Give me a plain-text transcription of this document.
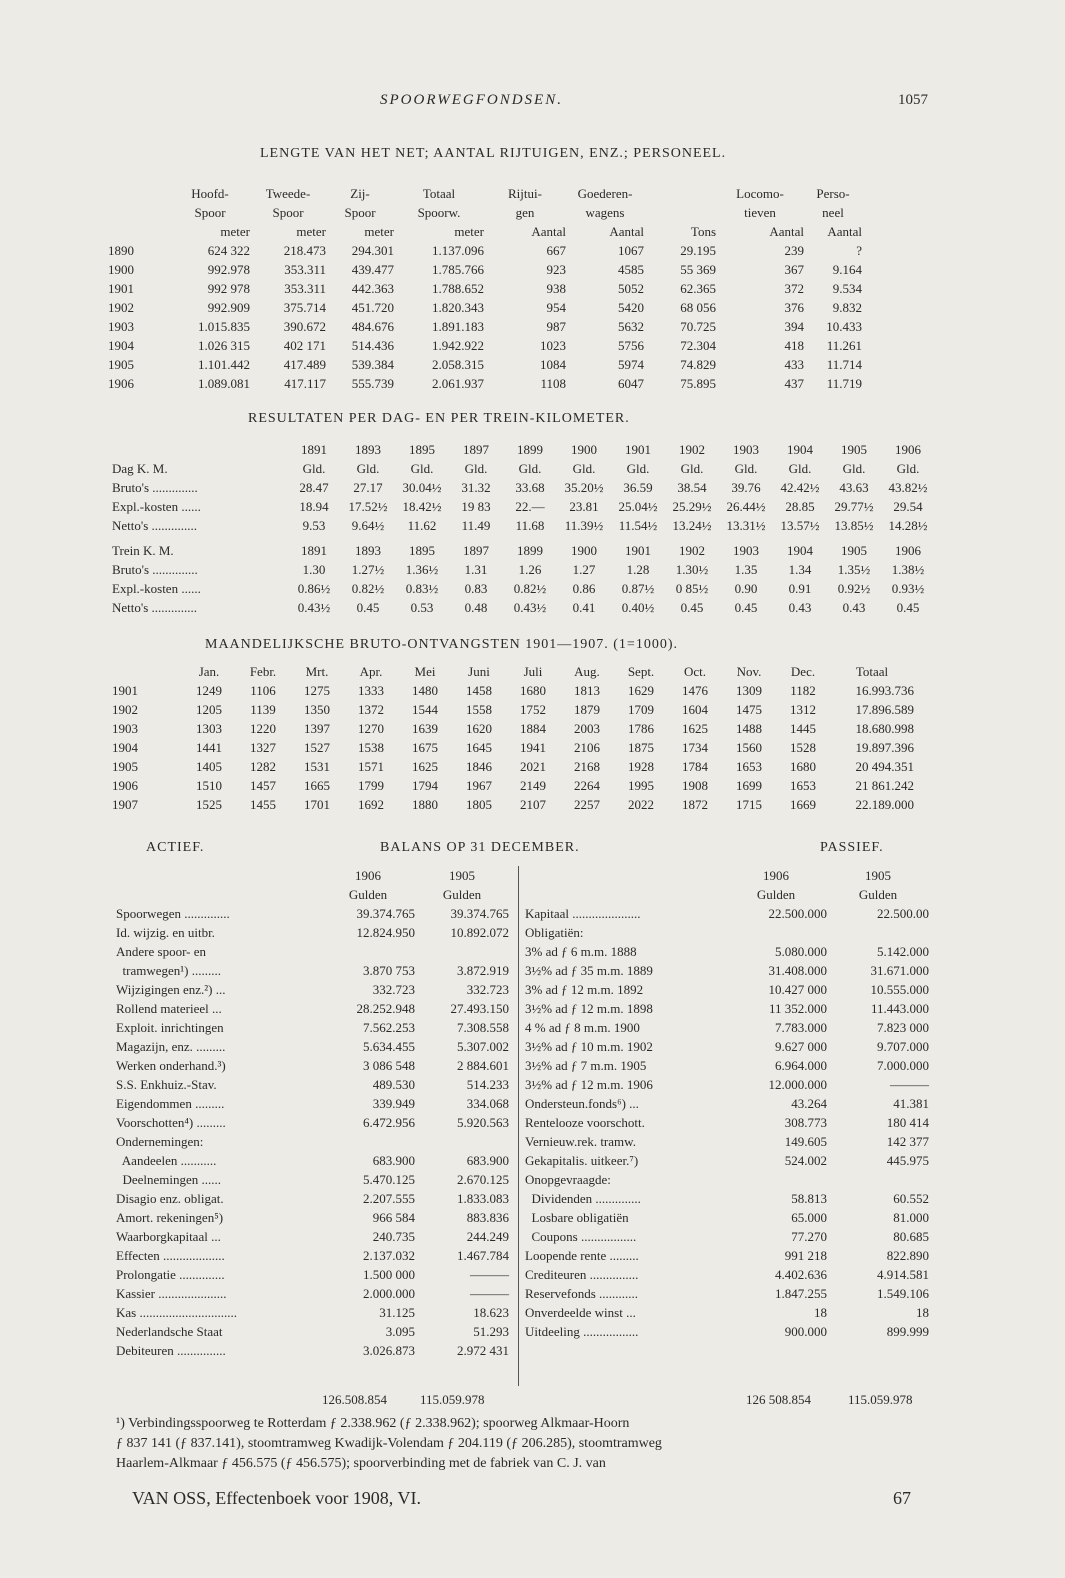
SPOORWEGFONDSEN.	1057
LENGTE VAN HET NET; AANTAL RIJTUIGEN, ENZ.; PERSONEEL.
	Hoofd-	Tweede-	Zij-	Totaal	Rijtui-	Goederen-		Locomo-	Perso-
	Spoor	Spoor	Spoor	Spoorw.	gen	wagens		tieven	neel
	meter	meter	meter	meter	Aantal	Aantal	Tons	Aantal	Aantal
1890	624 322	218.473	294.301	1.137.096	667	1067	29.195	239	?
1900	992.978	353.311	439.477	1.785.766	923	4585	55 369	367	9.164
1901	992 978	353.311	442.363	1.788.652	938	5052	62.365	372	9.534
1902	992.909	375.714	451.720	1.820.343	954	5420	68 056	376	9.832
1903	1.015.835	390.672	484.676	1.891.183	987	5632	70.725	394	10.433
1904	1.026 315	402 171	514.436	1.942.922	1023	5756	72.304	418	11.261
1905	1.101.442	417.489	539.384	2.058.315	1084	5974	74.829	433	11.714
1906	1.089.081	417.117	555.739	2.061.937	1108	6047	75.895	437	11.719
RESULTATEN PER DAG- EN PER TREIN-KILOMETER.
	1891	1893	1895	1897	1899	1900	1901	1902	1903	1904	1905	1906
Dag K. M.	Gld.	Gld.	Gld.	Gld.	Gld.	Gld.	Gld.	Gld.	Gld.	Gld.	Gld.	Gld.
Bruto's ..............	28.47	27.17	30.04½	31.32	33.68	35.20½	36.59	38.54	39.76	42.42½	43.63	43.82½
Expl.-kosten ......	18.94	17.52½	18.42½	19 83	22.—	23.81	25.04½	25.29½	26.44½	28.85	29.77½	29.54
Netto's ..............	9.53	9.64½	11.62	11.49	11.68	11.39½	11.54½	13.24½	13.31½	13.57½	13.85½	14.28½

Trein K. M.	1891	1893	1895	1897	1899	1900	1901	1902	1903	1904	1905	1906
Bruto's ..............	1.30	1.27½	1.36½	1.31	1.26	1.27	1.28	1.30½	1.35	1.34	1.35½	1.38½
Expl.-kosten ......	0.86½	0.82½	0.83½	0.83	0.82½	0.86	0.87½	0 85½	0.90	0.91	0.92½	0.93½
Netto's ..............	0.43½	0.45	0.53	0.48	0.43½	0.41	0.40½	0.45	0.45	0.43	0.43	0.45
MAANDELIJKSCHE BRUTO-ONTVANGSTEN 1901—1907. (1=1000).
	Jan.	Febr.	Mrt.	Apr.	Mei	Juni	Juli	Aug.	Sept.	Oct.	Nov.	Dec.	Totaal
1901	1249	1106	1275	1333	1480	1458	1680	1813	1629	1476	1309	1182	16.993.736
1902	1205	1139	1350	1372	1544	1558	1752	1879	1709	1604	1475	1312	17.896.589
1903	1303	1220	1397	1270	1639	1620	1884	2003	1786	1625	1488	1445	18.680.998
1904	1441	1327	1527	1538	1675	1645	1941	2106	1875	1734	1560	1528	19.897.396
1905	1405	1282	1531	1571	1625	1846	2021	2168	1928	1784	1653	1680	20 494.351
1906	1510	1457	1665	1799	1794	1967	2149	2264	1995	1908	1699	1653	21 861.242
1907	1525	1455	1701	1692	1880	1805	2107	2257	2022	1872	1715	1669	22.189.000
ACTIEF.	BALANS OP 31 DECEMBER.	PASSIEF.
	1906	1905
	Gulden	Gulden
Spoorwegen ..............	39.374.765	39.374.765
Id. wijzig. en uitbr.	12.824.950	10.892.072
Andere spoor- en		
tramwegen¹) .........	3.870 753	3.872.919
Wijzigingen enz.²) ...	332.723	332.723
Rollend materieel ...	28.252.948	27.493.150
Exploit. inrichtingen	7.562.253	7.308.558
Magazijn, enz. .........	5.634.455	5.307.002
Werken onderhand.³)	3 086 548	2 884.601
S.S. Enkhuiz.-Stav.	489.530	514.233
Eigendommen .........	339.949	334.068
Voorschotten⁴) .........	6.472.956	5.920.563
Ondernemingen:		
Aandeelen ...........	683.900	683.900
Deelnemingen ......	5.470.125	2.670.125
Disagio enz. obligat.	2.207.555	1.833.083
Amort. rekeningen⁵)	966 584	883.836
Waarborgkapitaal ...	240.735	244.249
Effecten ...................	2.137.032	1.467.784
Prolongatie ..............	1.500 000	———
Kassier .....................	2.000.000	———
Kas ..............................	31.125	18.623
Nederlandsche Staat	3.095	51.293
Debiteuren ...............	3.026.873	2.972 431
	1906	1905
	Gulden	Gulden
Kapitaal .....................	22.500.000	22.500.00
Obligatiën:		
3% ad ƒ 6 m.m. 1888	5.080.000	5.142.000
3½% ad ƒ 35 m.m. 1889	31.408.000	31.671.000
3% ad ƒ 12 m.m. 1892	10.427 000	10.555.000
3½% ad ƒ 12 m.m. 1898	11 352.000	11.443.000
4 % ad ƒ 8 m.m. 1900	7.783.000	7.823 000
3½% ad ƒ 10 m.m. 1902	9.627 000	9.707.000
3½% ad ƒ 7 m.m. 1905	6.964.000	7.000.000
3½% ad ƒ 12 m.m. 1906	12.000.000	———
Ondersteun.fonds⁶) ...	43.264	41.381
Rentelooze voorschott.	308.773	180 414
Vernieuw.rek. tramw.	149.605	142 377
Gekapitalis. uitkeer.⁷)	524.002	445.975
Onopgevraagde:		
Dividenden ..............	58.813	60.552
Losbare obligatiën	65.000	81.000
Coupons .................	77.270	80.685
Loopende rente .........	991 218	822.890
Crediteuren ...............	4.402.636	4.914.581
Reservefonds ............	1.847.255	1.549.106
Onverdeelde winst ...	18	18
Uitdeeling .................	900.000	899.999

126.508.854	115.059.978	126 508.854	115.059.978
¹) Verbindingsspoorweg te Rotterdam ƒ 2.338.962 (ƒ 2.338.962); spoorweg Alkmaar-Hoorn
ƒ 837 141 (ƒ 837.141), stoomtramweg Kwadijk-Volendam ƒ 204.119 (ƒ 206.285), stoomtramweg
Haarlem-Alkmaar ƒ 456.575 (ƒ 456.575); spoorverbinding met de fabriek van C. J. van
VAN OSS, Effectenboek voor 1908, VI.	67
